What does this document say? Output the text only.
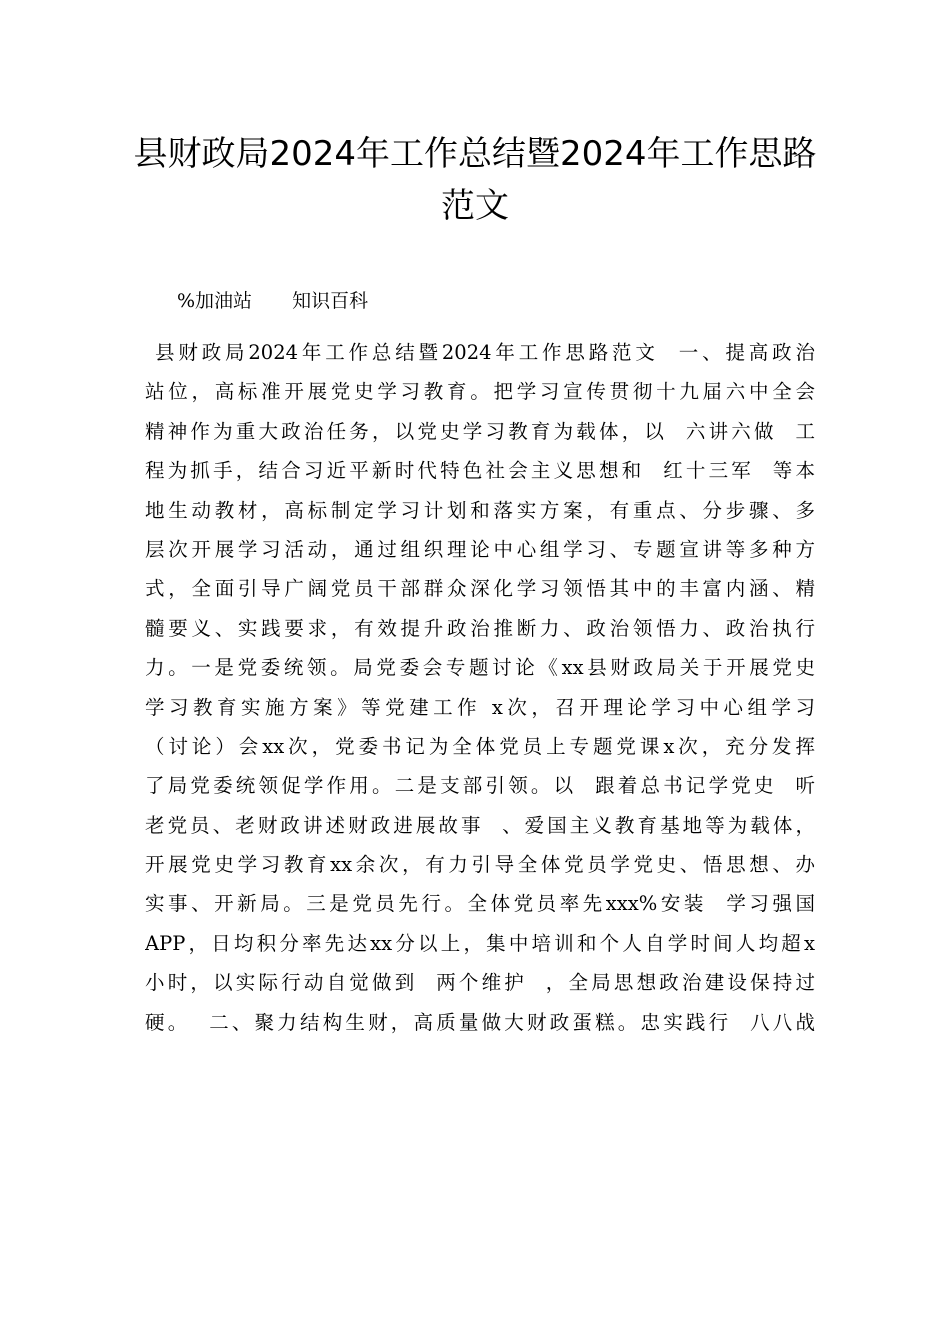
县财政局2024年工作总结暨2024年工作思路范文
%加油站 知识百科
县财政局2024年工作总结暨2024年工作思路范文  一、提高政治
站位，高标准开展党史学习教育。把学习宣传贯彻十九届六中全会
精神作为重大政治任务，以党史学习教育为载体，以  六讲六做  工
程为抓手，结合习近平新时代特色社会主义思想和  红十三军  等本
地生动教材，高标制定学习计划和落实方案，有重点、分步骤、多
层次开展学习活动，通过组织理论中心组学习、专题宣讲等多种方
式，全面引导广阔党员干部群众深化学习领悟其中的丰富内涵、精
髓要义、实践要求，有效提升政治推断力、政治领悟力、政治执行
力。一是党委统领。局党委会专题讨论《xx县财政局关于开展党史
学习教育实施方案》等党建工作 x次，召开理论学习中心组学习
（讨论）会xx次，党委书记为全体党员上专题党课x次，充分发挥
了局党委统领促学作用。二是支部引领。以  跟着总书记学党史  听
老党员、老财政讲述财政进展故事  、爱国主义教育基地等为载体，
开展党史学习教育xx余次，有力引导全体党员学党史、悟思想、办
实事、开新局。三是党员先行。全体党员率先xxx%安装  学习强国
APP，日均积分率先达xx分以上，集中培训和个人自学时间人均超x
小时，以实际行动自觉做到  两个维护  ，全局思想政治建设保持过
硬。  二、聚力结构生财，高质量做大财政蛋糕。忠实践行  八八战
